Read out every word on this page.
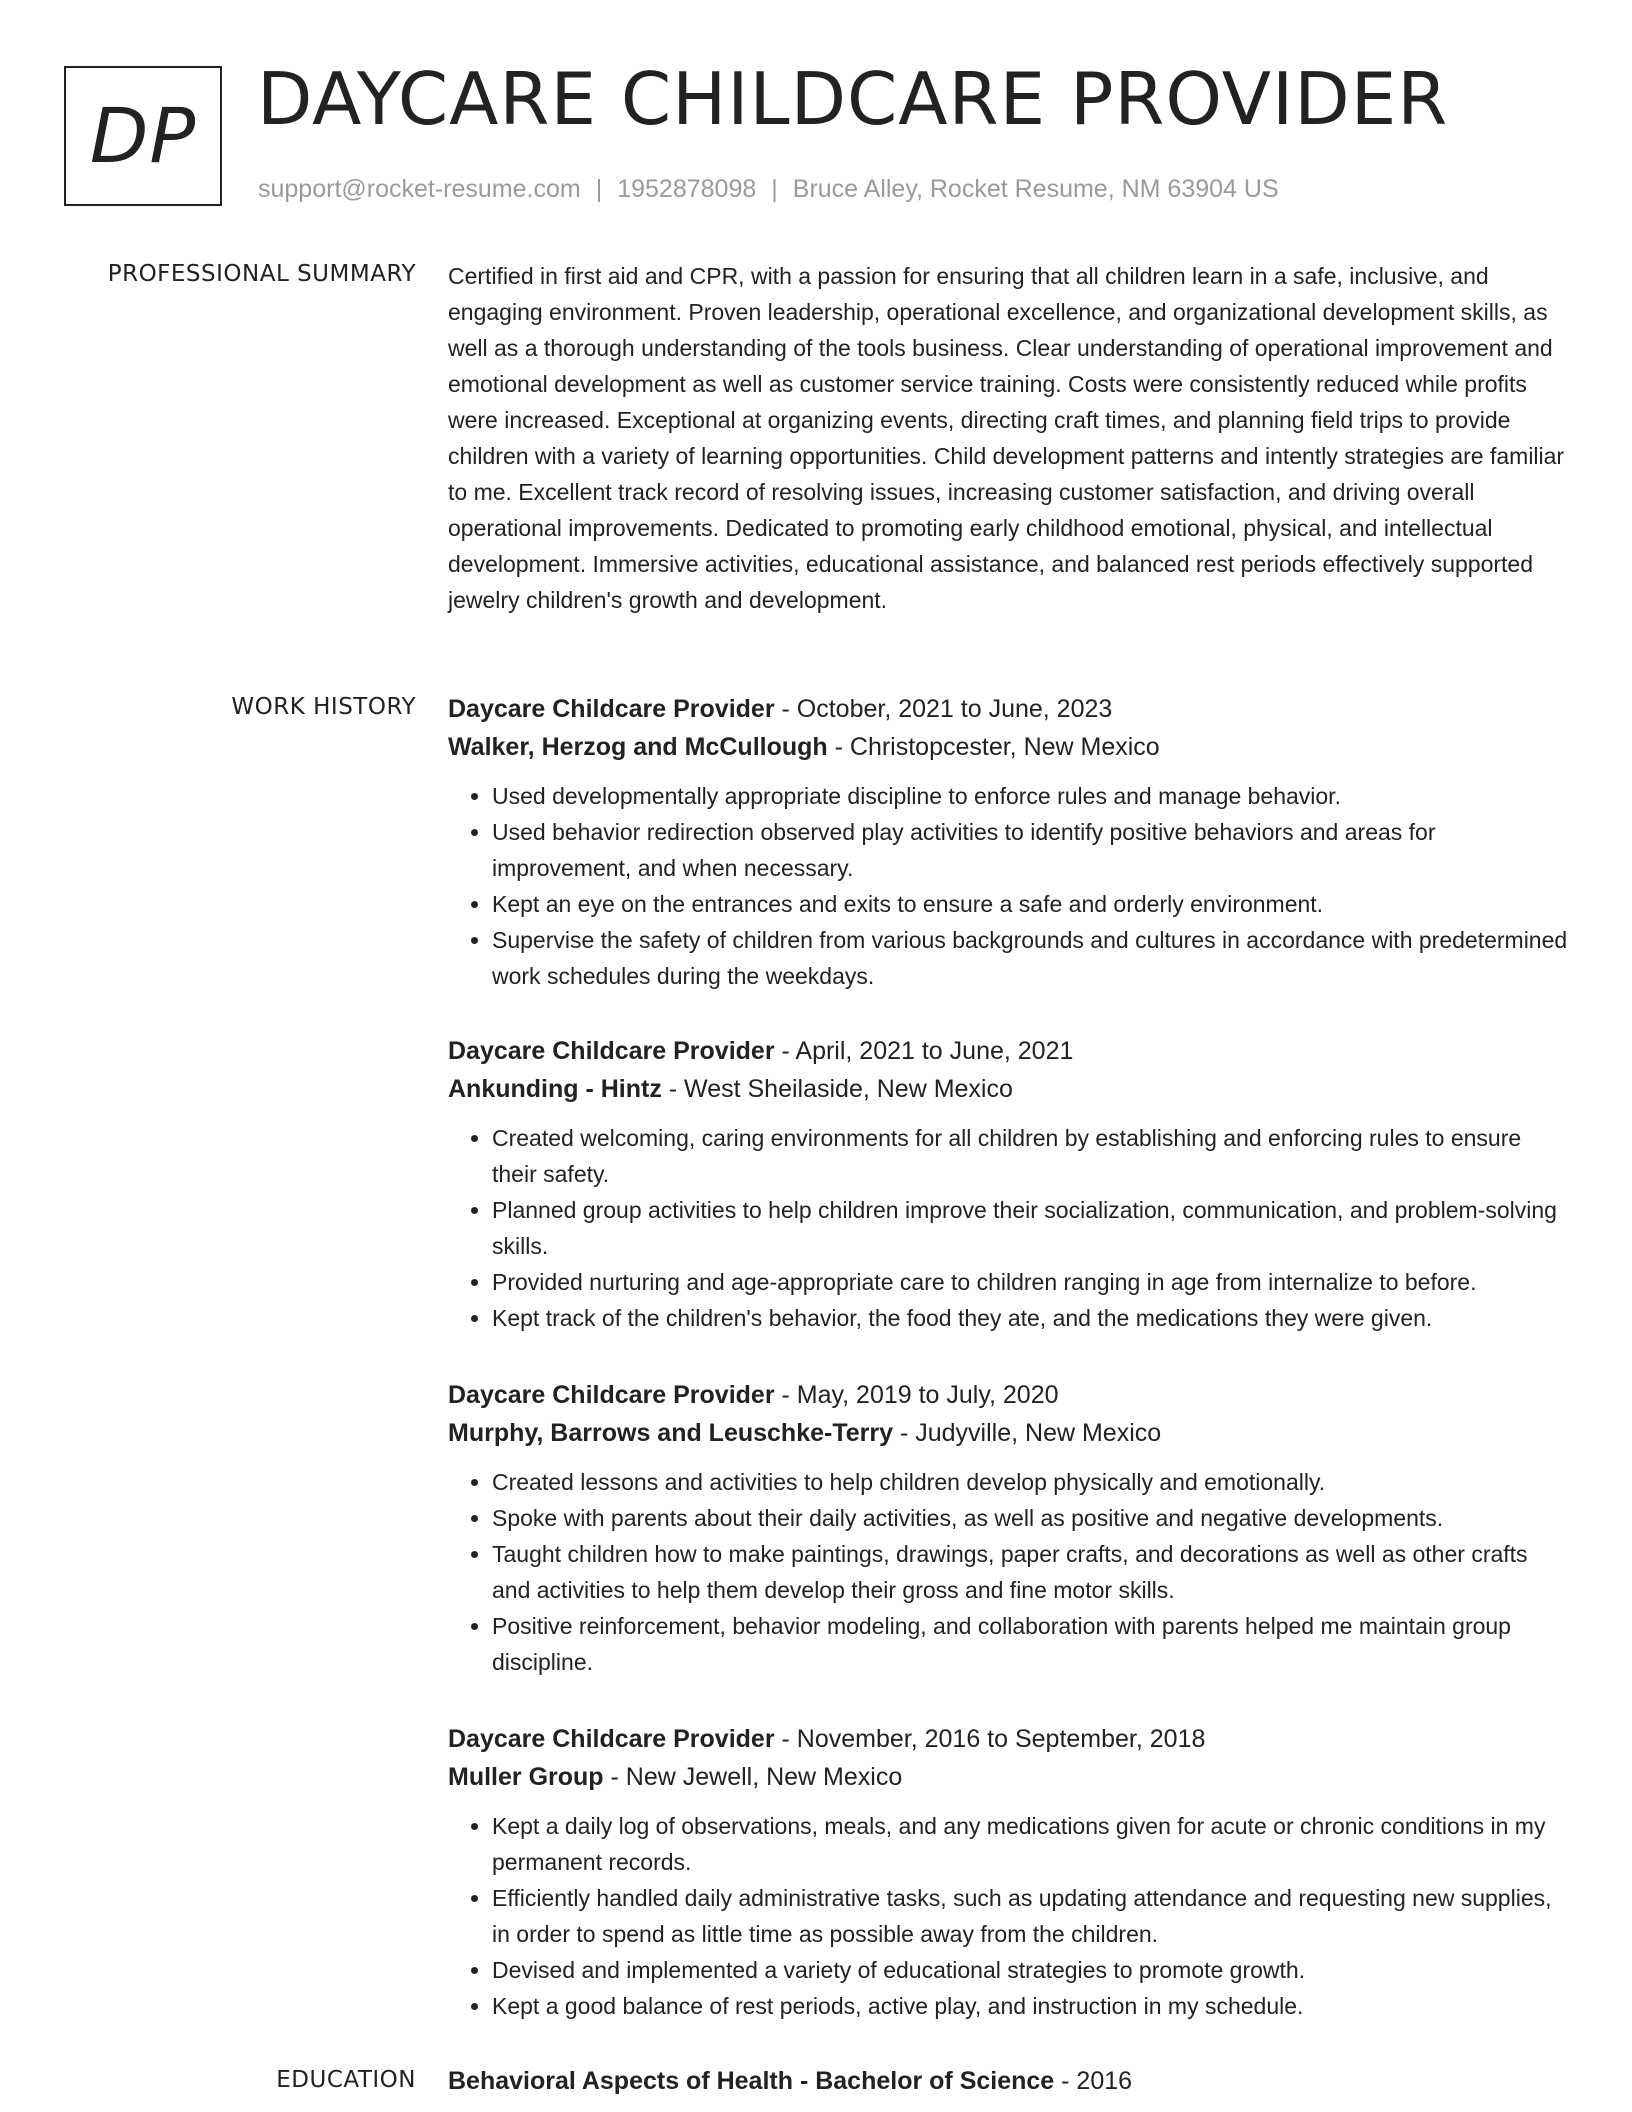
DP DAYCARE CHILDCARE PROVIDER
support@rocket-resume.com | 1952878098 | Bruce Alley, Rocket Resume, NM 63904 US
PROFESSIONAL SUMMARY Certified in first aid and CPR, with a passion for ensuring that all children learn in a safe, inclusive, and engaging environment. Proven leadership, operational excellence, and organizational development skills, as well as a thorough understanding of the tools business. Clear understanding of operational improvement and emotional development as well as customer service training. Costs were consistently reduced while profits were increased. Exceptional at organizing events, directing craft times, and planning field trips to provide children with a variety of learning opportunities. Child development patterns and intently strategies are familiar to me. Excellent track record of resolving issues, increasing customer satisfaction, and driving overall operational improvements. Dedicated to promoting early childhood emotional, physical, and intellectual development. Immersive activities, educational assistance, and balanced rest periods effectively supported jewelry children's growth and development.

WORK HISTORY Daycare Childcare Provider - October, 2021 to June, 2023
Walker, Herzog and McCullough - Christopcester, New Mexico
• Used developmentally appropriate discipline to enforce rules and manage behavior.
• Used behavior redirection observed play activities to identify positive behaviors and areas for improvement, and when necessary.
• Kept an eye on the entrances and exits to ensure a safe and orderly environment.
• Supervise the safety of children from various backgrounds and cultures in accordance with predetermined work schedules during the weekdays.
Daycare Childcare Provider - April, 2021 to June, 2021
Ankunding - Hintz - West Sheilaside, New Mexico
• Created welcoming, caring environments for all children by establishing and enforcing rules to ensure their safety.
• Planned group activities to help children improve their socialization, communication, and problem-solving skills.
• Provided nurturing and age-appropriate care to children ranging in age from internalize to before.
• Kept track of the children's behavior, the food they ate, and the medications they were given.
Daycare Childcare Provider - May, 2019 to July, 2020
Murphy, Barrows and Leuschke-Terry - Judyville, New Mexico
• Created lessons and activities to help children develop physically and emotionally.
• Spoke with parents about their daily activities, as well as positive and negative developments.
• Taught children how to make paintings, drawings, paper crafts, and decorations as well as other crafts and activities to help them develop their gross and fine motor skills.
• Positive reinforcement, behavior modeling, and collaboration with parents helped me maintain group discipline.
Daycare Childcare Provider - November, 2016 to September, 2018
Muller Group - New Jewell, New Mexico
• Kept a daily log of observations, meals, and any medications given for acute or chronic conditions in my permanent records.
• Efficiently handled daily administrative tasks, such as updating attendance and requesting new supplies, in order to spend as little time as possible away from the children.
• Devised and implemented a variety of educational strategies to promote growth.
• Kept a good balance of rest periods, active play, and instruction in my schedule.
EDUCATION Behavioral Aspects of Health - Bachelor of Science - 2016
